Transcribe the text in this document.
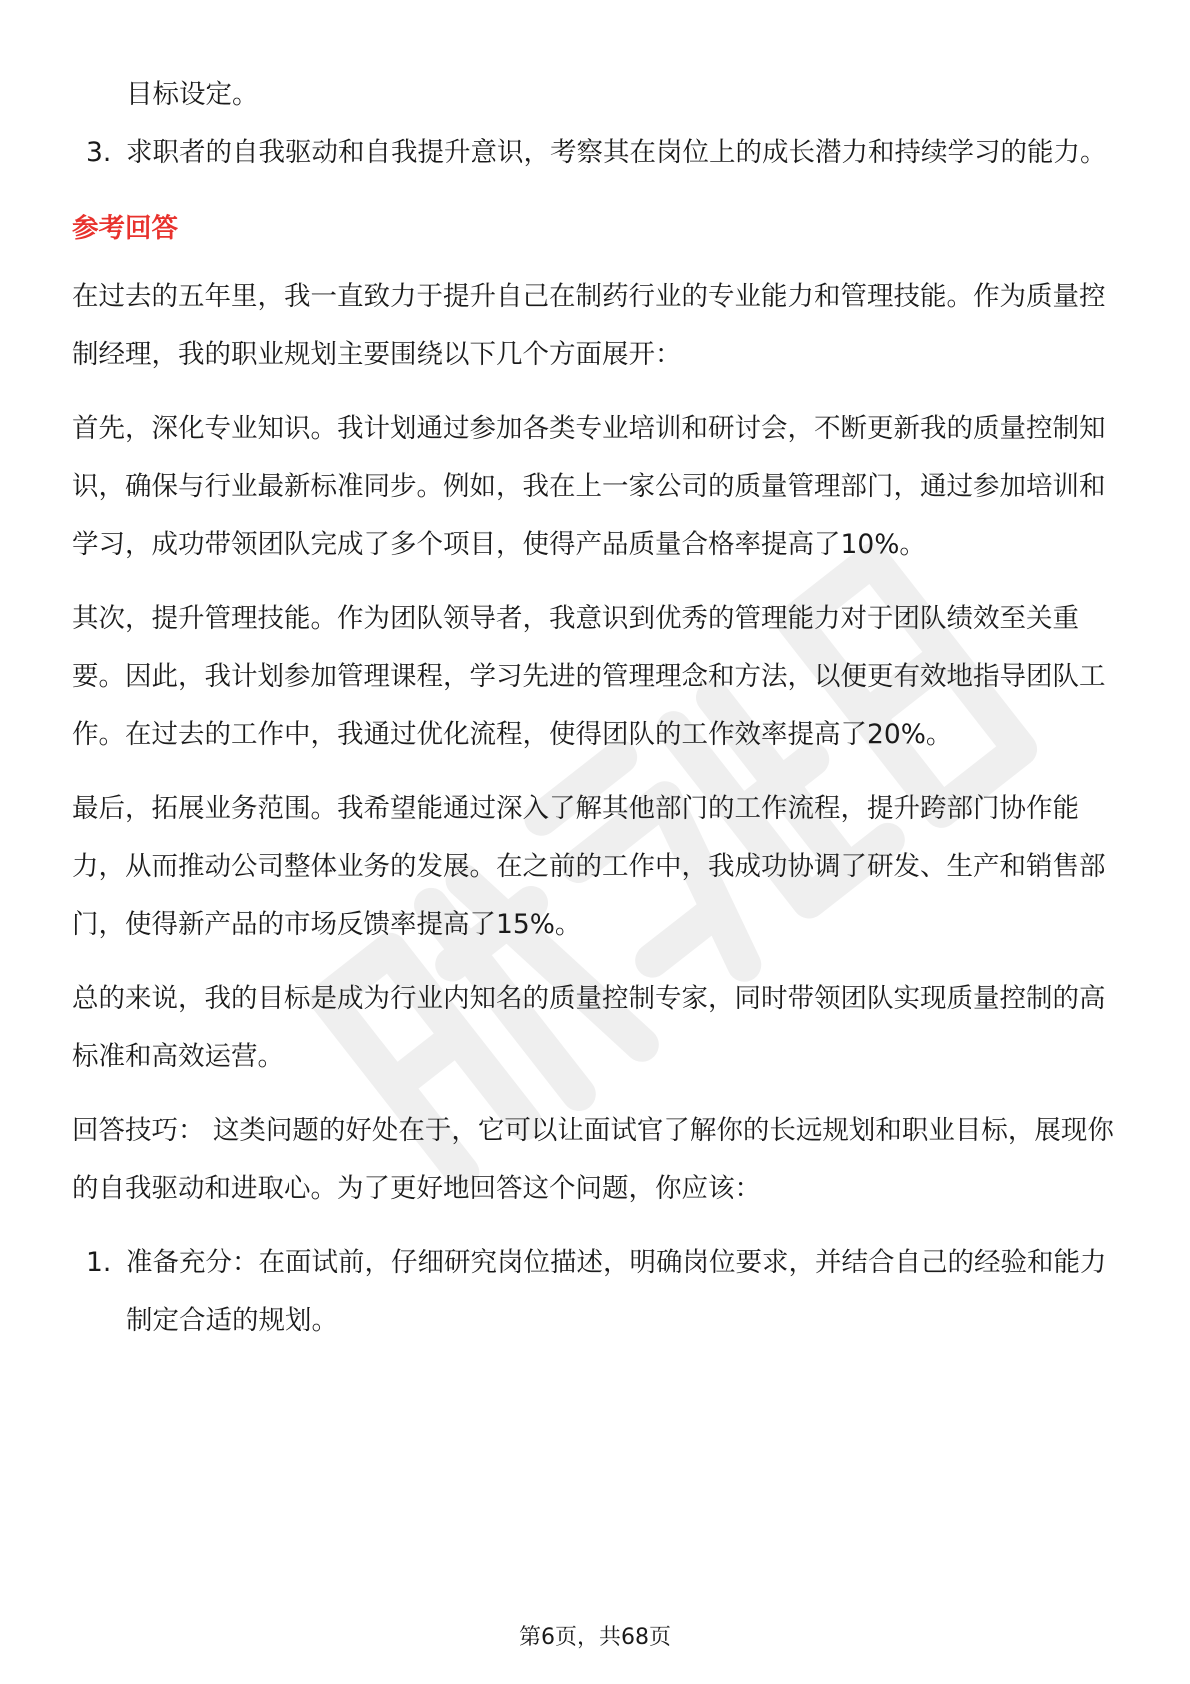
目标设定。
3. 求职者的自我驱动和自我提升意识，考察其在岗位上的成长潜力和持续学习的能力。
参考回答

在过去的五年里，我一直致力于提升自己在制药行业的专业能力和管理技能。作为质量控制经理，我的职业规划主要围绕以下几个方面展开：

首先，深化专业知识。我计划通过参加各类专业培训和研讨会，不断更新我的质量控制知识，确保与行业最新标准同步。例如，我在上一家公司的质量管理部门，通过参加培训和学习，成功带领团队完成了多个项目，使得产品质量合格率提高了10%。

其次，提升管理技能。作为团队领导者，我意识到优秀的管理能力对于团队绩效至关重要。因此，我计划参加管理课程，学习先进的管理理念和方法，以便更有效地指导团队工作。在过去的工作中，我通过优化流程，使得团队的工作效率提高了20%。

最后，拓展业务范围。我希望能通过深入了解其他部门的工作流程，提升跨部门协作能力，从而推动公司整体业务的发展。在之前的工作中，我成功协调了研发、生产和销售部门，使得新产品的市场反馈率提高了15%。

总的来说，我的目标是成为行业内知名的质量控制专家，同时带领团队实现质量控制的高标准和高效运营。

回答技巧： 这类问题的好处在于，它可以让面试官了解你的长远规划和职业目标，展现你的自我驱动和进取心。为了更好地回答这个问题，你应该：

1. 准备充分：在面试前，仔细研究岗位描述，明确岗位要求，并结合自己的经验和能力制定合适的规划。
第6页，共68页
